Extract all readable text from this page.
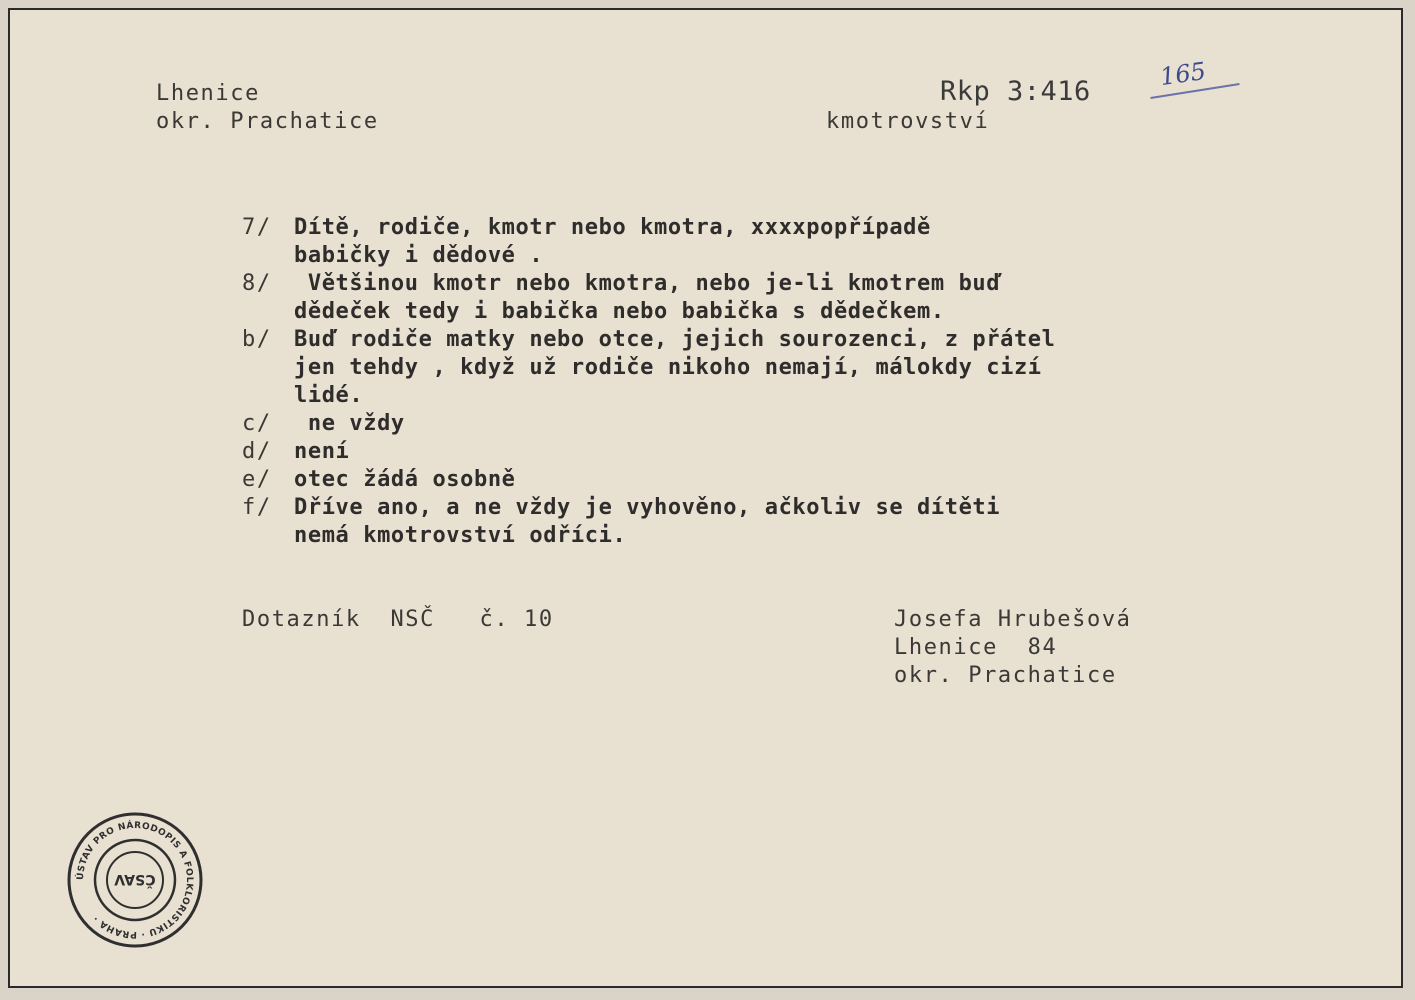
Lhenice
okr. Prachatice	kmotrovství
Rkp 3:416
165
7/ Dítě, rodiče, kmotr nebo kmotra, xxxxpopřípadě
babičky i dědové .
8/ Většinou kmotr nebo kmotra, nebo je-li kmotrem buď
dědeček tedy i babička nebo babička s dědečkem.
b/ Buď rodiče matky nebo otce, jejich sourozenci, z přátel
jen tehdy , když už rodiče nikoho nemají, málokdy cizí
lidé.
c/ ne vždy
d/ není
e/ otec žádá osobně
f/ Dříve ano, a ne vždy je vyhověno, ačkoliv se dítěti
nemá kmotrovství odříci.
Dotazník  NSČ   č. 10	Josefa Hrubešová
Lhenice  84
okr. Prachatice
ÚSTAV PRO NÁRODOPIS A FOLKLORISTIKU · PRAHA ·
ČSAV
